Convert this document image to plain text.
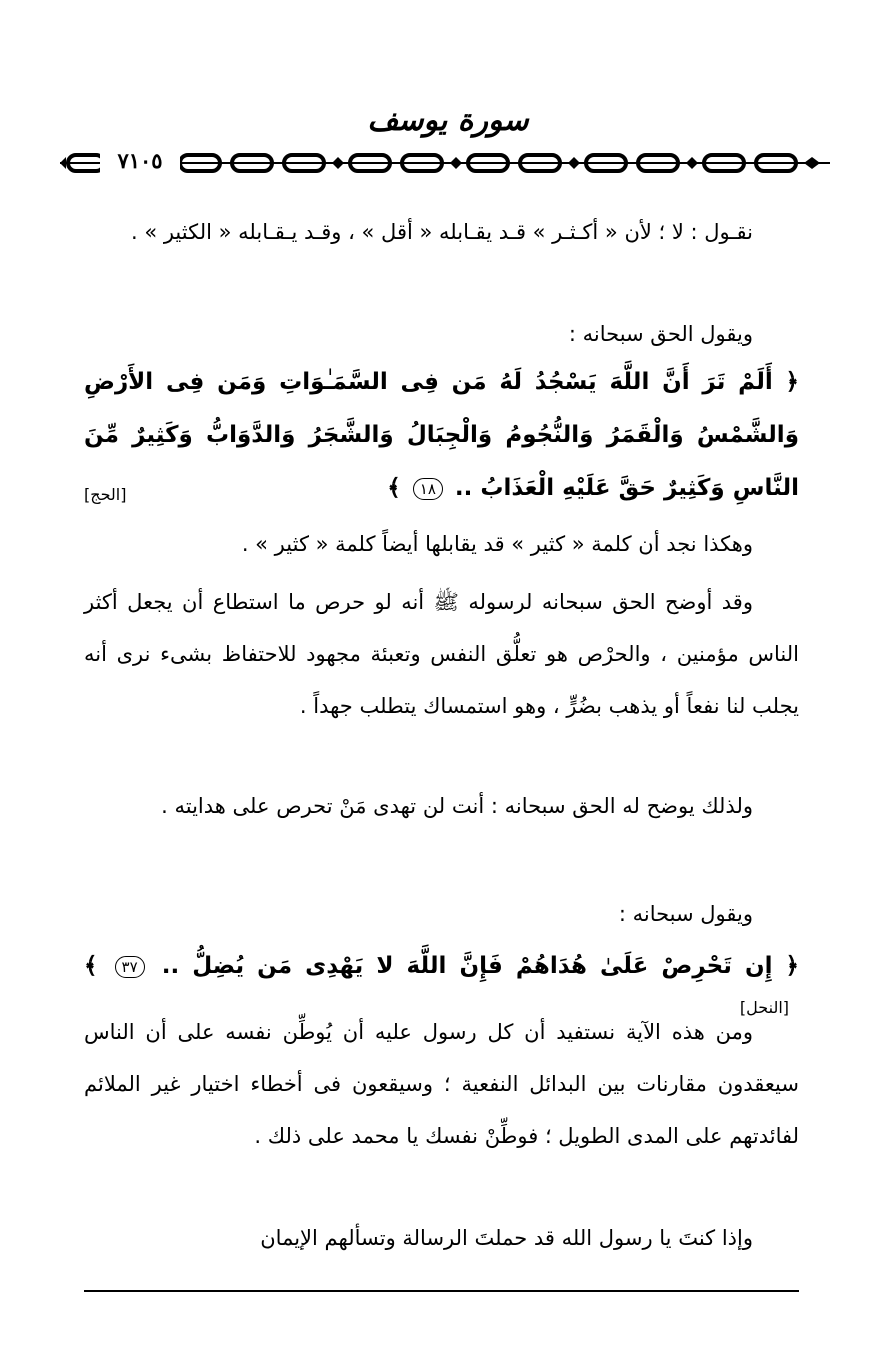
سورة يوسف
٧١٠٥
نقـول : لا ؛ لأن « أكـثـر » قـد يقـابله « أقل » ، وقـد يـقـابله « الكثير » .
ويقول الحق سبحانه :
﴿ أَلَمْ تَرَ أَنَّ اللَّهَ يَسْجُدُ لَهُ مَن فِى السَّمَـٰوَاتِ وَمَن فِى الأَرْضِ وَالشَّمْسُ وَالْقَمَرُ وَالنُّجُومُ وَالْجِبَالُ وَالشَّجَرُ وَالدَّوَابُّ وَكَثِيرٌ مِّنَ النَّاسِ وَكَثِيرٌ حَقَّ عَلَيْهِ الْعَذَابُ .. ١٨ ﴾
[الحج]
وهكذا نجد أن كلمة « كثير » قد يقابلها أيضاً كلمة « كثير » .
وقد أوضح الحق سبحانه لرسوله ﷺ أنه لو حرص ما استطاع أن يجعل أكثر الناس مؤمنين ، والحرْص هو تعلُّق النفس وتعبئة مجهود للاحتفاظ بشىء نرى أنه يجلب لنا نفعاً أو يذهب بضُرٍّ ، وهو استمساك يتطلب جهداً .
ولذلك يوضح له الحق سبحانه : أنت لن تهدى مَنْ تحرص على هدايته .
ويقول سبحانه :
﴿ إِن تَحْرِصْ عَلَىٰ هُدَاهُمْ فَإِنَّ اللَّهَ لا يَهْدِى مَن يُضِلُّ .. ٣٧ ﴾ [النحل]
ومن هذه الآية نستفيد أن كل رسول عليه أن يُوطِّن نفسه على أن الناس سيعقدون مقارنات بين البدائل النفعية ؛ وسيقعون فى أخطاء اختيار غير الملائم لفائدتهم على المدى الطويل ؛ فوطِّنْ نفسك يا محمد على ذلك .
وإذا كنتَ يا رسول الله قد حملتَ الرسالة وتسألهم الإيمان
